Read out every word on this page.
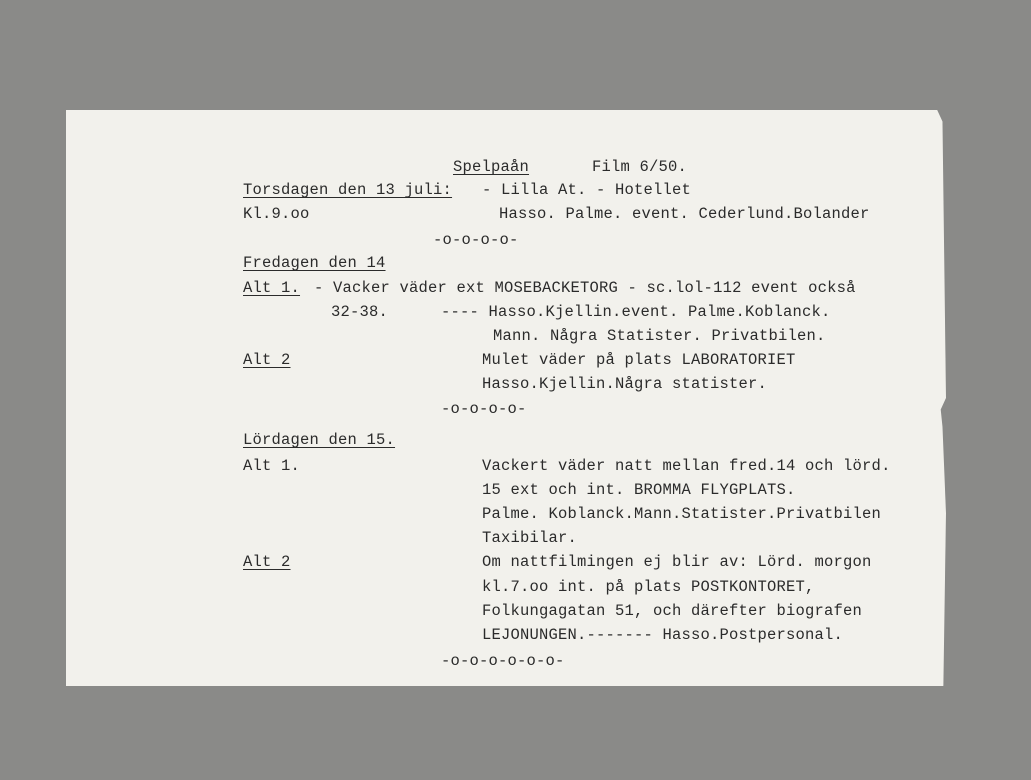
Spelpaån	Film 6/50.
Torsdagen den 13 juli: - Lilla At. - Hotellet
Kl.9.oo	Hasso. Palme. event. Cederlund.Bolander
-o-o-o-o-
Fredagen den 14
Alt 1. - Vacker väder ext MOSEBACKETORG - sc.lol-112 event också
32-38.	---- Hasso.Kjellin.event. Palme.Koblanck.
Mann. Några Statister. Privatbilen.
Alt 2	Mulet väder på plats LABORATORIET
Hasso.Kjellin.Några statister.
-o-o-o-o-
Lördagen den 15.
Alt 1.	Vackert väder natt mellan fred.14 och lörd.
15 ext och int. BROMMA FLYGPLATS.
Palme. Koblanck.Mann.Statister.Privatbilen
Taxibilar.
Alt 2	Om nattfilmingen ej blir av: Lörd. morgon
kl.7.oo int. på plats POSTKONTORET,
Folkungagatan 51, och därefter biografen
LEJONUNGEN.------- Hasso.Postpersonal.
-o-o-o-o-o-o-
